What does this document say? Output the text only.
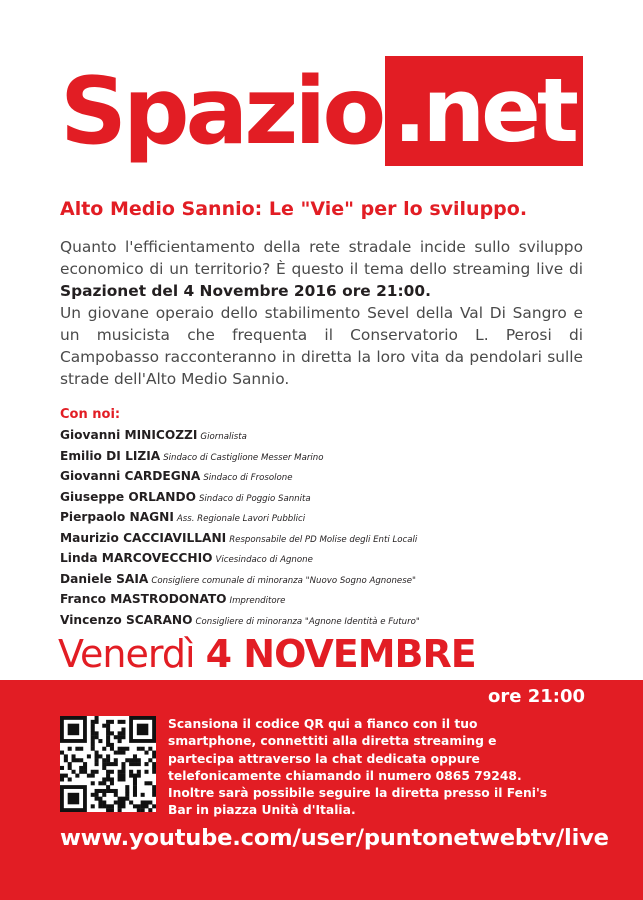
Spazio .net
Alto Medio Sannio: Le "Vie" per lo sviluppo.
Quanto l'efficientamento della rete stradale incide sullo sviluppo economico di un territorio? È questo il tema dello streaming live di Spazionet del 4 Novembre 2016 ore 21:00.
Un giovane operaio dello stabilimento Sevel della Val Di Sangro e un musicista che frequenta il Conservatorio L. Perosi di Campobasso racconteranno in diretta la loro vita da pendolari sulle strade dell'Alto Medio Sannio.
Con noi:
Giovanni MINICOZZI Giornalista
Emilio DI LIZIA Sindaco di Castiglione Messer Marino
Giovanni CARDEGNA Sindaco di Frosolone
Giuseppe ORLANDO Sindaco di Poggio Sannita
Pierpaolo NAGNI Ass. Regionale Lavori Pubblici
Maurizio CACCIAVILLANI Responsabile del PD Molise degli Enti Locali
Linda MARCOVECCHIO Vicesindaco di Agnone
Daniele SAIA Consigliere comunale di minoranza "Nuovo Sogno Agnonese"
Franco MASTRODONATO Imprenditore
Vincenzo SCARANO Consigliere di minoranza "Agnone Identità e Futuro"
Venerdì 4 NOVEMBRE
ore 21:00
Scansiona il codice QR qui a fianco con il tuo smartphone, connettiti alla diretta streaming e partecipa attraverso la chat dedicata oppure telefonicamente chiamando il numero 0865 79248. Inoltre sarà possibile seguire la diretta presso il Feni's Bar in piazza Unità d'Italia.
www.youtube.com/user/puntonetwebtv/live
